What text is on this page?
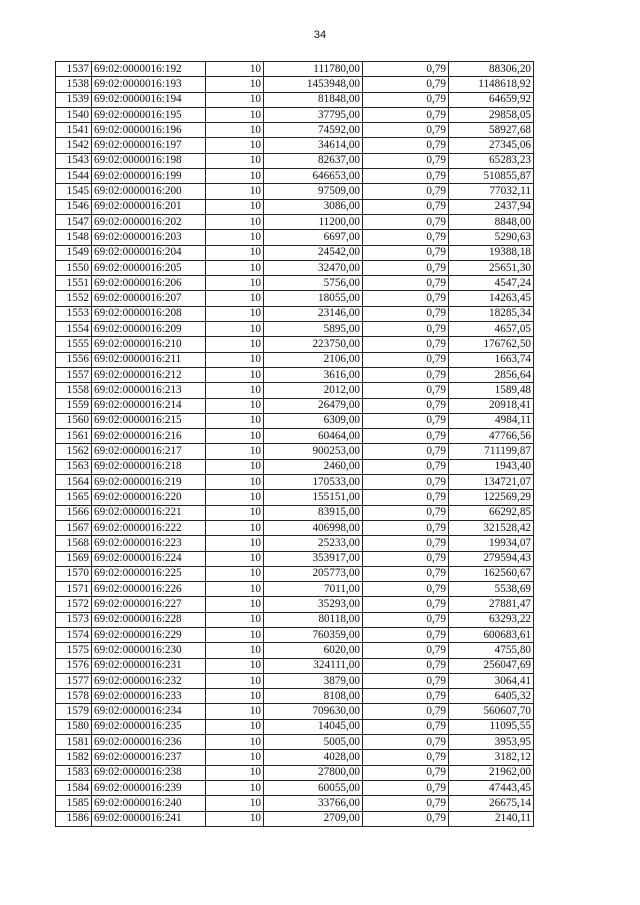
34
1537	69:02:0000016:192	10	111780,00	0,79	88306,20
1538	69:02:0000016:193	10	1453948,00	0,79	1148618,92
1539	69:02:0000016:194	10	81848,00	0,79	64659,92
1540	69:02:0000016:195	10	37795,00	0,79	29858,05
1541	69:02:0000016:196	10	74592,00	0,79	58927,68
1542	69:02:0000016:197	10	34614,00	0,79	27345,06
1543	69:02:0000016:198	10	82637,00	0,79	65283,23
1544	69:02:0000016:199	10	646653,00	0,79	510855,87
1545	69:02:0000016:200	10	97509,00	0,79	77032,11
1546	69:02:0000016:201	10	3086,00	0,79	2437,94
1547	69:02:0000016:202	10	11200,00	0,79	8848,00
1548	69:02:0000016:203	10	6697,00	0,79	5290,63
1549	69:02:0000016:204	10	24542,00	0,79	19388,18
1550	69:02:0000016:205	10	32470,00	0,79	25651,30
1551	69:02:0000016:206	10	5756,00	0,79	4547,24
1552	69:02:0000016:207	10	18055,00	0,79	14263,45
1553	69:02:0000016:208	10	23146,00	0,79	18285,34
1554	69:02:0000016:209	10	5895,00	0,79	4657,05
1555	69:02:0000016:210	10	223750,00	0,79	176762,50
1556	69:02:0000016:211	10	2106,00	0,79	1663,74
1557	69:02:0000016:212	10	3616,00	0,79	2856,64
1558	69:02:0000016:213	10	2012,00	0,79	1589,48
1559	69:02:0000016:214	10	26479,00	0,79	20918,41
1560	69:02:0000016:215	10	6309,00	0,79	4984,11
1561	69:02:0000016:216	10	60464,00	0,79	47766,56
1562	69:02:0000016:217	10	900253,00	0,79	711199,87
1563	69:02:0000016:218	10	2460,00	0,79	1943,40
1564	69:02:0000016:219	10	170533,00	0,79	134721,07
1565	69:02:0000016:220	10	155151,00	0,79	122569,29
1566	69:02:0000016:221	10	83915,00	0,79	66292,85
1567	69:02:0000016:222	10	406998,00	0,79	321528,42
1568	69:02:0000016:223	10	25233,00	0,79	19934,07
1569	69:02:0000016:224	10	353917,00	0,79	279594,43
1570	69:02:0000016:225	10	205773,00	0,79	162560,67
1571	69:02:0000016:226	10	7011,00	0,79	5538,69
1572	69:02:0000016:227	10	35293,00	0,79	27881,47
1573	69:02:0000016:228	10	80118,00	0,79	63293,22
1574	69:02:0000016:229	10	760359,00	0,79	600683,61
1575	69:02:0000016:230	10	6020,00	0,79	4755,80
1576	69:02:0000016:231	10	324111,00	0,79	256047,69
1577	69:02:0000016:232	10	3879,00	0,79	3064,41
1578	69:02:0000016:233	10	8108,00	0,79	6405,32
1579	69:02:0000016:234	10	709630,00	0,79	560607,70
1580	69:02:0000016:235	10	14045,00	0,79	11095,55
1581	69:02:0000016:236	10	5005,00	0,79	3953,95
1582	69:02:0000016:237	10	4028,00	0,79	3182,12
1583	69:02:0000016:238	10	27800,00	0,79	21962,00
1584	69:02:0000016:239	10	60055,00	0,79	47443,45
1585	69:02:0000016:240	10	33766,00	0,79	26675,14
1586	69:02:0000016:241	10	2709,00	0,79	2140,11
